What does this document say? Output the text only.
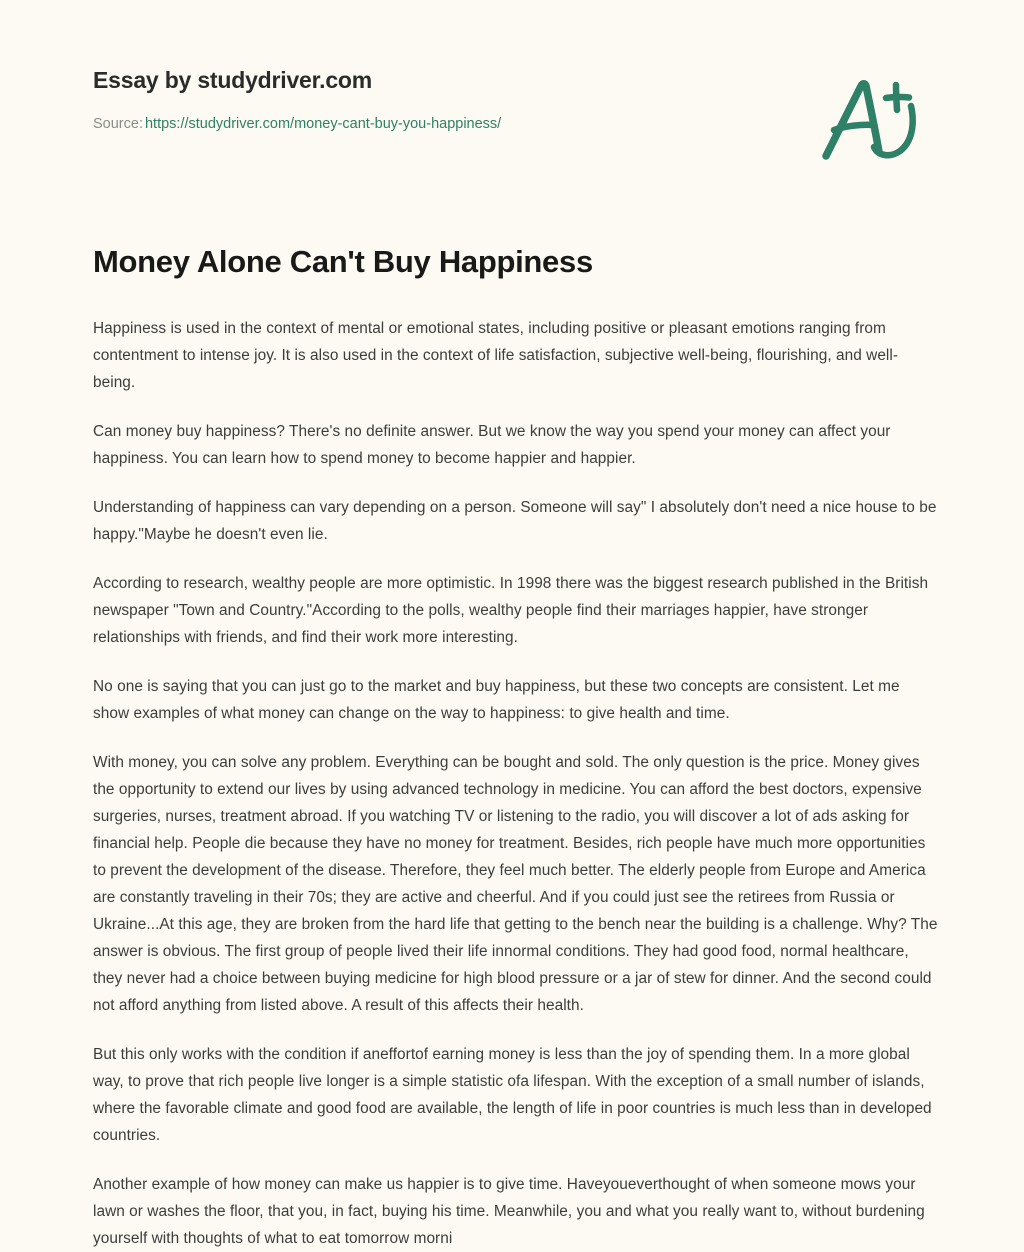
Essay by studydriver.com
Source: https://studydriver.com/money-cant-buy-you-happiness/
Money Alone Can't Buy Happiness

Happiness is used in the context of mental or emotional states, including positive or pleasant emotions ranging from contentment to intense joy. It is also used in the context of life satisfaction, subjective well-being, flourishing, and well-being.

Can money buy happiness? There's no definite answer. But we know the way you spend your money can affect your happiness. You can learn how to spend money to become happier and happier.

Understanding of happiness can vary depending on a person. Someone will say" I absolutely don't need a nice house to be happy."Maybe he doesn't even lie.

According to research, wealthy people are more optimistic. In 1998 there was the biggest research published in the British newspaper "Town and Country."According to the polls, wealthy people find their marriages happier, have stronger relationships with friends, and find their work more interesting.

No one is saying that you can just go to the market and buy happiness, but these two concepts are consistent. Let me show examples of what money can change on the way to happiness: to give health and time.

With money, you can solve any problem. Everything can be bought and sold. The only question is the price. Money gives the opportunity to extend our lives by using advanced technology in medicine. You can afford the best doctors, expensive surgeries, nurses, treatment abroad. If you watching TV or listening to the radio, you will discover a lot of ads asking for financial help. People die because they have no money for treatment. Besides, rich people have much more opportunities to prevent the development of the disease. Therefore, they feel much better. The elderly people from Europe and America are constantly traveling in their 70s; they are active and cheerful. And if you could just see the retirees from Russia or Ukraine...At this age, they are broken from the hard life that getting to the bench near the building is a challenge. Why? The answer is obvious. The first group of people lived their life innormal conditions. They had good food, normal healthcare, they never had a choice between buying medicine for high blood pressure or a jar of stew for dinner. And the second could not afford anything from listed above. A result of this affects their health.

But this only works with the condition if aneffortof earning money is less than the joy of spending them. In a more global way, to prove that rich people live longer is a simple statistic ofa lifespan. With the exception of a small number of islands, where the favorable climate and good food are available, the length of life in poor countries is much less than in developed countries.

Another example of how money can make us happier is to give time. Haveyoueverthought of when someone mows your lawn or washes the floor, that you, in fact, buying his time. Meanwhile, you and what you really want to, without burdening yourself with thoughts of what to eat tomorrow morni
